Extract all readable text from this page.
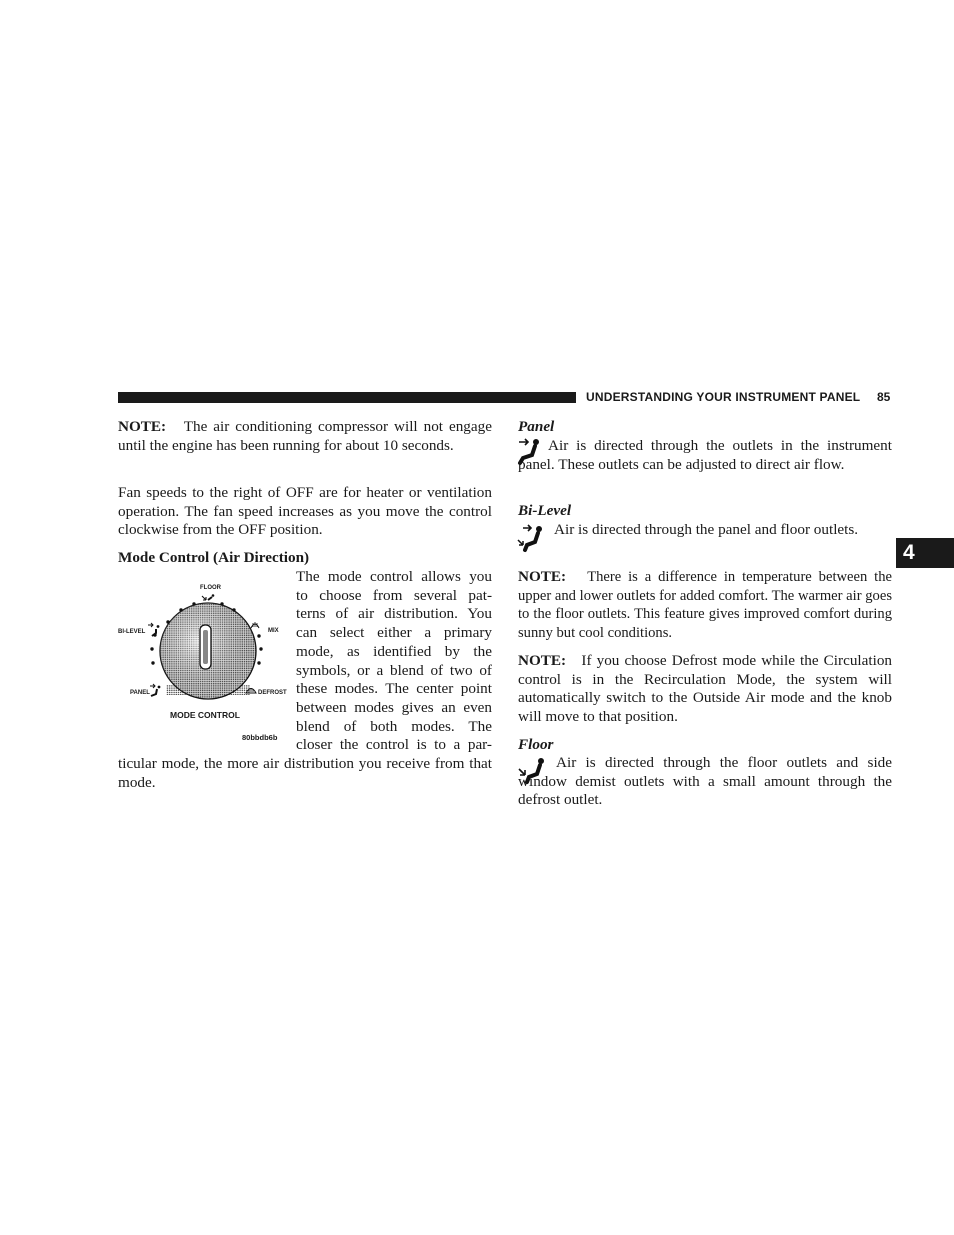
UNDERSTANDING YOUR INSTRUMENT PANEL 85
4

NOTE: The air conditioning compressor will not engage until the engine has been running for about 10 seconds.

Fan speeds to the right of OFF are for heater or ventilation operation. The fan speed increases as you move the control clockwise from the OFF position.

Mode Control (Air Direction)

The mode control allows you

to choose from several pat-

terns of air distribution. You

can select either a primary

mode, as identified by the

symbols, or a blend of two of

these modes. The center point

between modes gives an even

blend of both modes. The

closer the control is to a par-

ticular mode, the more air distribution you receive from that mode.

FLOOR
BI-LEVEL	MIX
PANEL	DEFROST
MODE CONTROL
80bbdb6b
Panel

Air is directed through the outlets in the instrument panel. These outlets can be adjusted to direct air flow.

Bi-Level

Air is directed through the panel and floor outlets.

NOTE: There is a difference in temperature between the upper and lower outlets for added comfort. The warmer air goes to the floor outlets. This feature gives improved comfort during sunny but cool conditions.

NOTE: If you choose Defrost mode while the Circulation control is in the Recirculation Mode, the system will automatically switch to the Outside Air mode and the knob will move to that position.

Floor

Air is directed through the floor outlets and side window demist outlets with a small amount through the defrost outlet.
